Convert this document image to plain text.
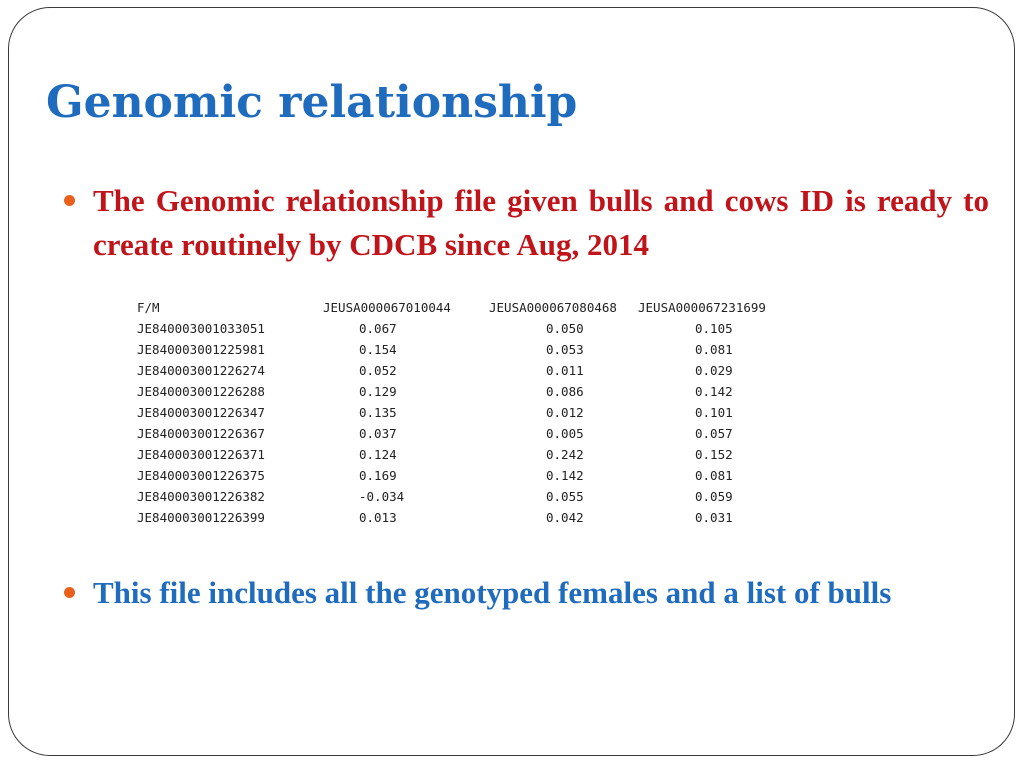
Genomic relationship
The Genomic relationship file given bulls and cows ID is ready to create routinely by CDCB since Aug, 2014
F/M	JEUSA000067010044	JEUSA000067080468 JEUSA000067231699
JE840003001033051	0.067	0.050	0.105
JE840003001225981	0.154	0.053	0.081
JE840003001226274	0.052	0.011	0.029
JE840003001226288	0.129	0.086	0.142
JE840003001226347	0.135	0.012	0.101
JE840003001226367	0.037	0.005	0.057
JE840003001226371	0.124	0.242	0.152
JE840003001226375	0.169	0.142	0.081
JE840003001226382	-0.034	0.055	0.059
JE840003001226399	0.013	0.042	0.031
This file includes all the genotyped females and a list of bulls
